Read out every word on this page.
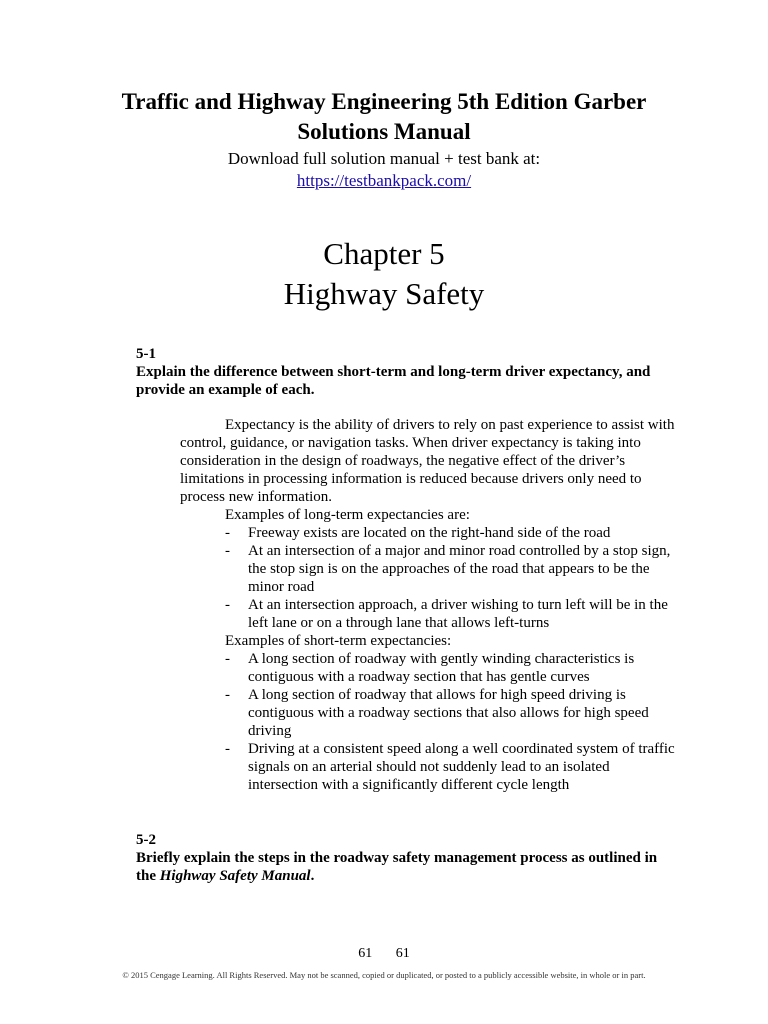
Traffic and Highway Engineering 5th Edition Garber
Solutions Manual
Download full solution manual + test bank at:
https://testbankpack.com/
Chapter 5
Highway Safety
5-1
Explain the difference between short-term and long-term driver expectancy, and provide an example of each.

Expectancy is the ability of drivers to rely on past experience to assist with control, guidance, or navigation tasks. When driver expectancy is taking into consideration in the design of roadways, the negative effect of the driver’s limitations in processing information is reduced because drivers only need to process new information.

Examples of long-term expectancies are:

- Freeway exists are located on the right-hand side of the road
- At an intersection of a major and minor road controlled by a stop sign, the stop sign is on the approaches of the road that appears to be the minor road
- At an intersection approach, a driver wishing to turn left will be in the left lane or on a through lane that allows left-turns

Examples of short-term expectancies:

- A long section of roadway with gently winding characteristics is contiguous with a roadway section that has gentle curves
- A long section of roadway that allows for high speed driving is contiguous with a roadway sections that also allows for high speed driving
- Driving at a consistent speed along a well coordinated system of traffic signals on an arterial should not suddenly lead to an isolated intersection with a significantly different cycle length
5-2
Briefly explain the steps in the roadway safety management process as outlined in the Highway Safety Manual.
61 61
© 2015 Cengage Learning. All Rights Reserved. May not be scanned, copied or duplicated, or posted to a publicly accessible website, in whole or in part.
